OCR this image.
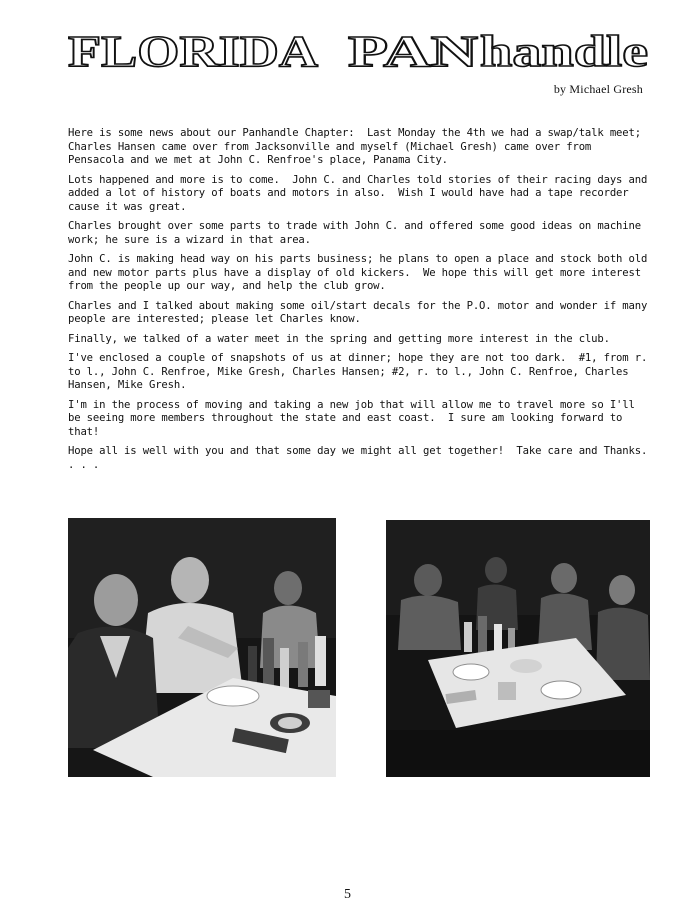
FLORIDA PAN handle
by Michael Gresh

Here is some news about our Panhandle Chapter:  Last Monday the 4th we had a swap/talk meet; Charles Hansen came over from Jacksonville and myself (Michael Gresh) came over from Pensacola and we met at John C. Renfroe's place, Panama City.

Lots happened and more is to come.  John C. and Charles told stories of their racing days and added a lot of history of boats and motors in also.  Wish I would have had a tape recorder cause it was great.

Charles brought over some parts to trade with John C. and offered some good ideas on machine work; he sure is a wizard in that area.

John C. is making head way on his parts business; he plans to open a place and stock both old and new motor parts plus have a display of old kickers.  We hope this will get more interest from the people up our way, and help the club grow.

Charles and I talked about making some oil/start decals for the P.O. motor and wonder if many people are interested; please let Charles know.

Finally, we talked of a water meet in the spring and getting more interest in the club.

I've enclosed a couple of snapshots of us at dinner; hope they are not too dark.  #1, from r. to l., John C. Renfroe, Mike Gresh, Charles Hansen; #2, r. to l., John C. Renfroe, Charles Hansen, Mike Gresh.

I'm in the process of moving and taking a new job that will allow me to travel more so I'll be seeing more members throughout the state and east coast.  I sure am looking forward to that!

Hope all is well with you and that some day we might all get together!  Take care and Thanks. . . .

5
